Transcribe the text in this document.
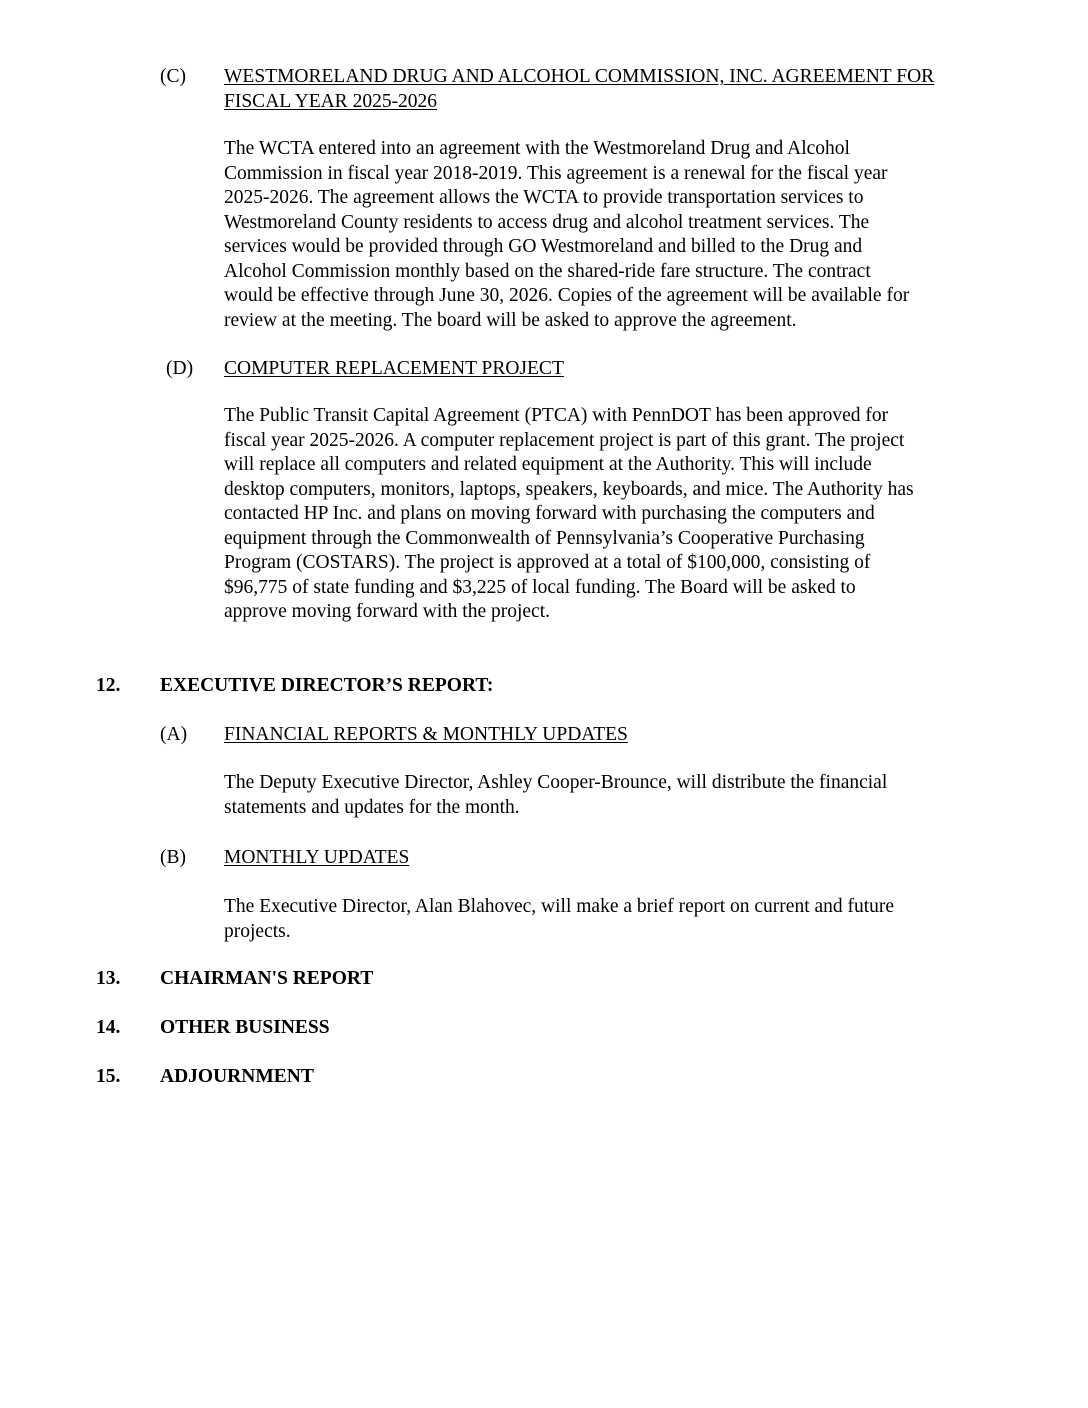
(C) WESTMORELAND DRUG AND ALCOHOL COMMISSION, INC. AGREEMENT FOR
FISCAL YEAR 2025-2026
The WCTA entered into an agreement with the Westmoreland Drug and Alcohol
Commission in fiscal year 2018-2019. This agreement is a renewal for the fiscal year
2025-2026. The agreement allows the WCTA to provide transportation services to
Westmoreland County residents to access drug and alcohol treatment services. The
services would be provided through GO Westmoreland and billed to the Drug and
Alcohol Commission monthly based on the shared-ride fare structure. The contract
would be effective through June 30, 2026. Copies of the agreement will be available for
review at the meeting. The board will be asked to approve the agreement.
(D) COMPUTER REPLACEMENT PROJECT
The Public Transit Capital Agreement (PTCA) with PennDOT has been approved for
fiscal year 2025-2026. A computer replacement project is part of this grant. The project
will replace all computers and related equipment at the Authority. This will include
desktop computers, monitors, laptops, speakers, keyboards, and mice. The Authority has
contacted HP Inc. and plans on moving forward with purchasing the computers and
equipment through the Commonwealth of Pennsylvania’s Cooperative Purchasing
Program (COSTARS). The project is approved at a total of $100,000, consisting of
$96,775 of state funding and $3,225 of local funding. The Board will be asked to
approve moving forward with the project.
12. EXECUTIVE DIRECTOR’S REPORT:
(A) FINANCIAL REPORTS & MONTHLY UPDATES
The Deputy Executive Director, Ashley Cooper-Brounce, will distribute the financial
statements and updates for the month.
(B) MONTHLY UPDATES
The Executive Director, Alan Blahovec, will make a brief report on current and future
projects.
13. CHAIRMAN'S REPORT
14. OTHER BUSINESS
15. ADJOURNMENT
